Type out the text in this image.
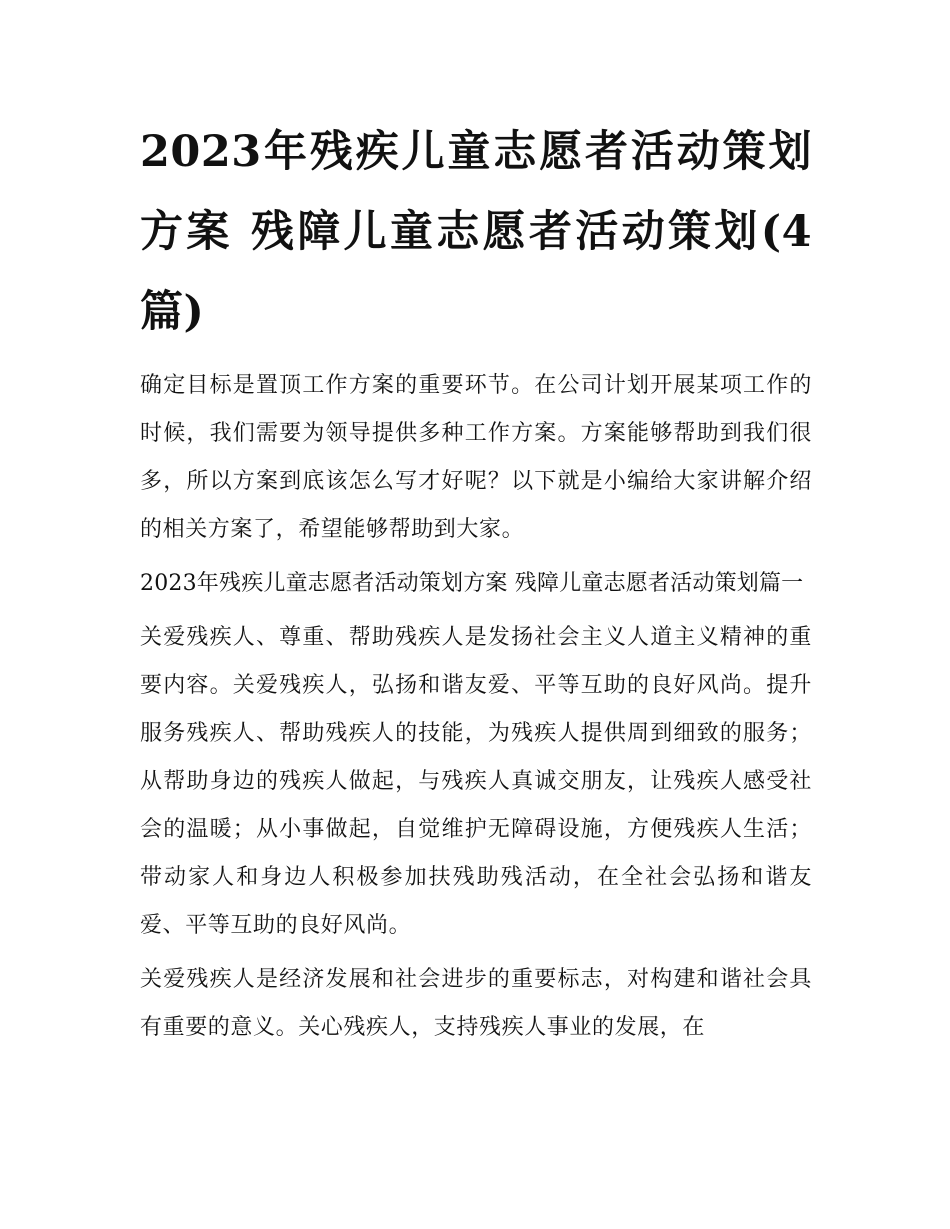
2023年残疾儿童志愿者活动策划方案 残障儿童志愿者活动策划(4篇)

确定目标是置顶工作方案的重要环节。在公司计划开展某项工作的时候，我们需要为领导提供多种工作方案。方案能够帮助到我们很多，所以方案到底该怎么写才好呢？以下就是小编给大家讲解介绍的相关方案了，希望能够帮助到大家。

2023年残疾儿童志愿者活动策划方案 残障儿童志愿者活动策划篇一

关爱残疾人、尊重、帮助残疾人是发扬社会主义人道主义精神的重要内容。关爱残疾人，弘扬和谐友爱、平等互助的良好风尚。提升服务残疾人、帮助残疾人的技能，为残疾人提供周到细致的服务；从帮助身边的残疾人做起，与残疾人真诚交朋友，让残疾人感受社会的温暖；从小事做起，自觉维护无障碍设施，方便残疾人生活；带动家人和身边人积极参加扶残助残活动，在全社会弘扬和谐友爱、平等互助的良好风尚。

关爱残疾人是经济发展和社会进步的重要标志，对构建和谐社会具有重要的意义。关心残疾人，支持残疾人事业的发展，在
